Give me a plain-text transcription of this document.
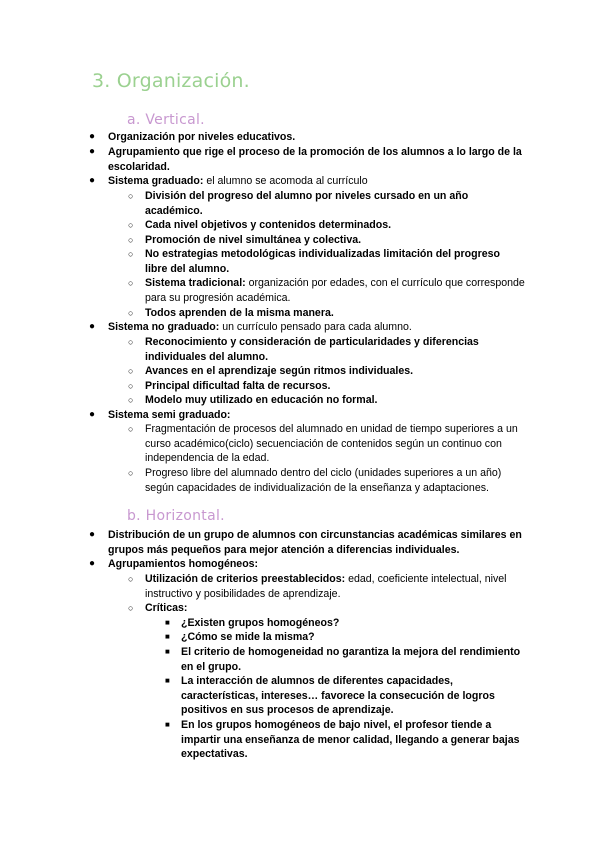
3. Organización.
a. Vertical.
● Organización por niveles educativos.
● Agrupamiento que rige el proceso de la promoción de los alumnos a lo largo de la escolaridad.
● Sistema graduado: el alumno se acomoda al currículo
○ División del progreso del alumno por niveles cursado en un año académico.
○ Cada nivel objetivos y contenidos determinados.
○ Promoción de nivel simultánea y colectiva.
○ No estrategias metodológicas individualizadas limitación del progreso libre del alumno.
○ Sistema tradicional: organización por edades, con el currículo que corresponde para su progresión académica.
○ Todos aprenden de la misma manera.
● Sistema no graduado: un currículo pensado para cada alumno.
○ Reconocimiento y consideración de particularidades y diferencias individuales del alumno.
○ Avances en el aprendizaje según ritmos individuales.
○ Principal dificultad falta de recursos.
○ Modelo muy utilizado en educación no formal.
● Sistema semi graduado:
○ Fragmentación de procesos del alumnado en unidad de tiempo superiores a un curso académico(ciclo) secuenciación de contenidos según un continuo con independencia de la edad.
○ Progreso libre del alumnado dentro del ciclo (unidades superiores a un año) según capacidades de individualización de la enseñanza y adaptaciones.
b. Horizontal.
● Distribución de un grupo de alumnos con circunstancias académicas similares en grupos más pequeños para mejor atención a diferencias individuales.
● Agrupamientos homogéneos:
○ Utilización de criterios preestablecidos: edad, coeficiente intelectual, nivel instructivo y posibilidades de aprendizaje.
○ Críticas:
■ ¿Existen grupos homogéneos?
■ ¿Cómo se mide la misma?
■ El criterio de homogeneidad no garantiza la mejora del rendimiento en el grupo.
■ La interacción de alumnos de diferentes capacidades, características, intereses… favorece la consecución de logros positivos en sus procesos de aprendizaje.
■ En los grupos homogéneos de bajo nivel, el profesor tiende a impartir una enseñanza de menor calidad, llegando a generar bajas expectativas.
